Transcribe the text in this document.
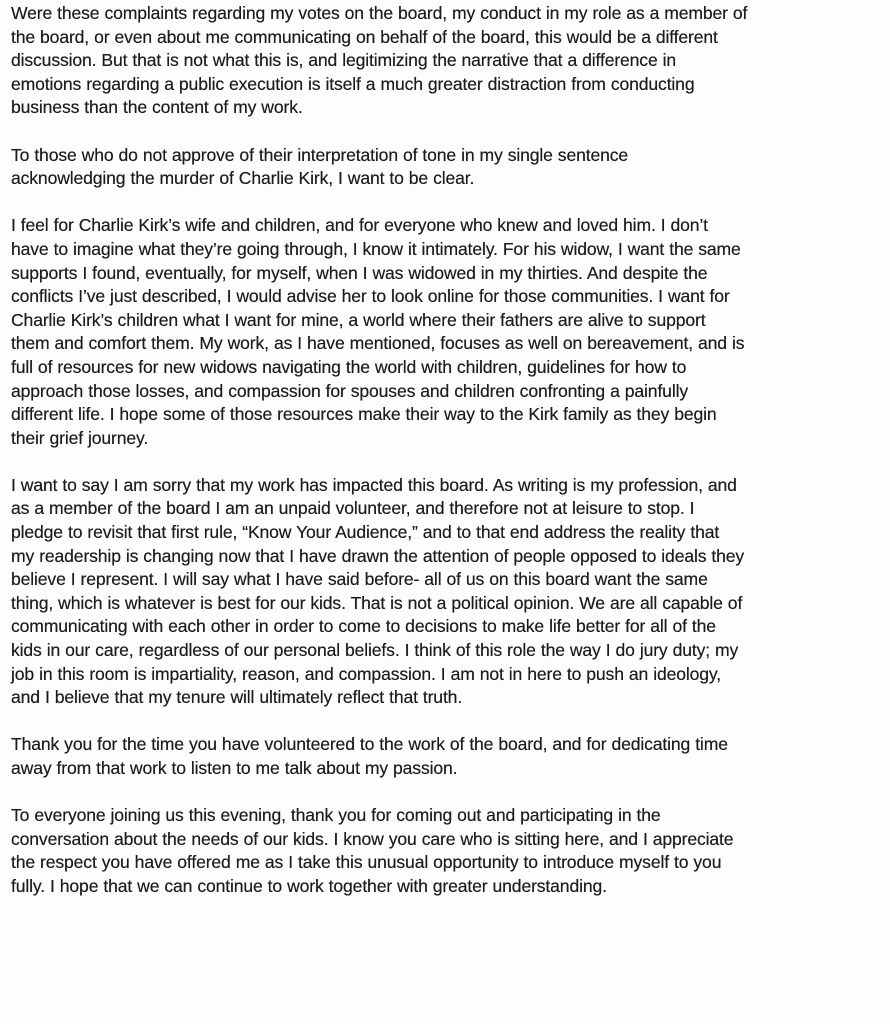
Were these complaints regarding my votes on the board, my conduct in my role as a member of
the board, or even about me communicating on behalf of the board, this would be a different
discussion. But that is not what this is, and legitimizing the narrative that a difference in
emotions regarding a public execution is itself a much greater distraction from conducting
business than the content of my work.

To those who do not approve of their interpretation of tone in my single sentence
acknowledging the murder of Charlie Kirk, I want to be clear.

I feel for Charlie Kirk’s wife and children, and for everyone who knew and loved him. I don’t
have to imagine what they’re going through, I know it intimately. For his widow, I want the same
supports I found, eventually, for myself, when I was widowed in my thirties. And despite the
conflicts I’ve just described, I would advise her to look online for those communities. I want for
Charlie Kirk’s children what I want for mine, a world where their fathers are alive to support
them and comfort them. My work, as I have mentioned, focuses as well on bereavement, and is
full of resources for new widows navigating the world with children, guidelines for how to
approach those losses, and compassion for spouses and children confronting a painfully
different life. I hope some of those resources make their way to the Kirk family as they begin
their grief journey.

I want to say I am sorry that my work has impacted this board. As writing is my profession, and
as a member of the board I am an unpaid volunteer, and therefore not at leisure to stop. I
pledge to revisit that first rule, “Know Your Audience,” and to that end address the reality that
my readership is changing now that I have drawn the attention of people opposed to ideals they
believe I represent. I will say what I have said before- all of us on this board want the same
thing, which is whatever is best for our kids. That is not a political opinion. We are all capable of
communicating with each other in order to come to decisions to make life better for all of the
kids in our care, regardless of our personal beliefs. I think of this role the way I do jury duty; my
job in this room is impartiality, reason, and compassion. I am not in here to push an ideology,
and I believe that my tenure will ultimately reflect that truth.

Thank you for the time you have volunteered to the work of the board, and for dedicating time
away from that work to listen to me talk about my passion.

To everyone joining us this evening, thank you for coming out and participating in the
conversation about the needs of our kids. I know you care who is sitting here, and I appreciate
the respect you have offered me as I take this unusual opportunity to introduce myself to you
fully. I hope that we can continue to work together with greater understanding.
